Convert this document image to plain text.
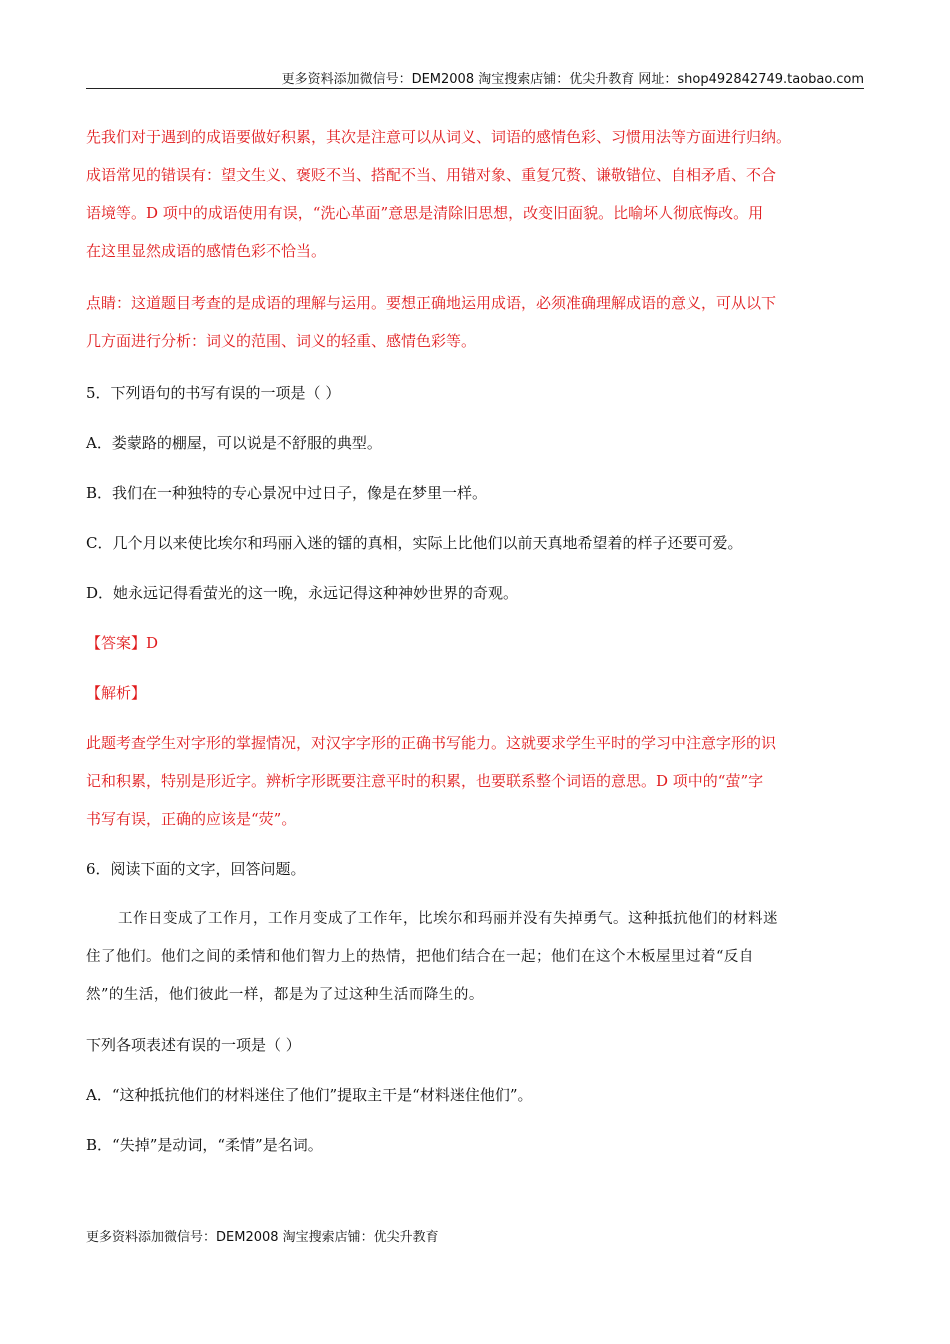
更多资料添加微信号：DEM2008 淘宝搜索店铺：优尖升教育 网址：shop492842749.taobao.com

先我们对于遇到的成语要做好积累，其次是注意可以从词义、词语的感情色彩、习惯用法等方面进行归纳。

成语常见的错误有：望文生义、褒贬不当、搭配不当、用错对象、重复冗赘、谦敬错位、自相矛盾、不合

语境等。D 项中的成语使用有误，“洗心革面”意思是清除旧思想，改变旧面貌。比喻坏人彻底悔改。用

在这里显然成语的感情色彩不恰当。

点睛：这道题目考查的是成语的理解与运用。要想正确地运用成语，必须准确理解成语的意义，可从以下

几方面进行分析：词义的范围、词义的轻重、感情色彩等。

5．下列语句的书写有误的一项是（ ）

A．娄蒙路的棚屋，可以说是不舒服的典型。

B．我们在一种独特的专心景况中过日子，像是在梦里一样。

C．几个月以来使比埃尔和玛丽入迷的镭的真相，实际上比他们以前天真地希望着的样子还要可爱。

D．她永远记得看萤光的这一晚，永远记得这种神妙世界的奇观。

【答案】D

【解析】

此题考查学生对字形的掌握情况，对汉字字形的正确书写能力。这就要求学生平时的学习中注意字形的识

记和积累，特别是形近字。辨析字形既要注意平时的积累，也要联系整个词语的意思。D 项中的“萤”字

书写有误，正确的应该是“荧”。

6．阅读下面的文字，回答问题。

工作日变成了工作月，工作月变成了工作年，比埃尔和玛丽并没有失掉勇气。这种抵抗他们的材料迷

住了他们。他们之间的柔情和他们智力上的热情，把他们结合在一起；他们在这个木板屋里过着“反自

然”的生活，他们彼此一样，都是为了过这种生活而降生的。

下列各项表述有误的一项是（ ）

A．“这种抵抗他们的材料迷住了他们”提取主干是“材料迷住他们”。

B．“失掉”是动词，“柔情”是名词。

更多资料添加微信号：DEM2008 淘宝搜索店铺：优尖升教育
